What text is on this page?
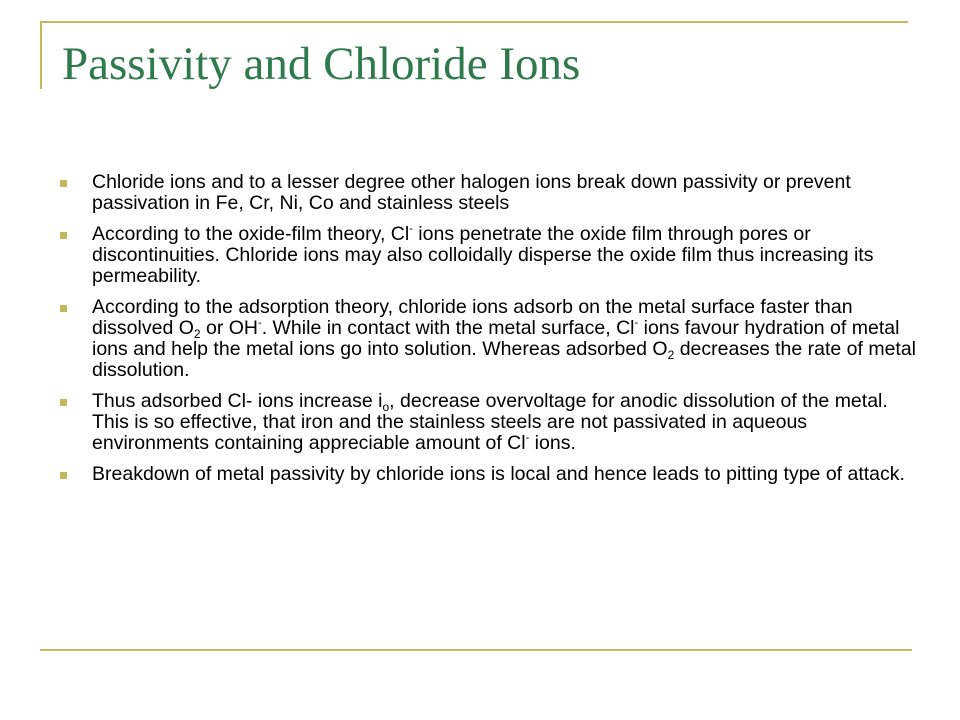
Passivity and Chloride Ions
Chloride ions and to a lesser degree other halogen ions break down passivity or prevent passivation in Fe, Cr, Ni, Co and stainless steels
According to the oxide-film theory, Cl- ions penetrate the oxide film through pores or discontinuities. Chloride ions may also colloidally disperse the oxide film thus increasing its permeability.
According to the adsorption theory, chloride ions adsorb on the metal surface faster than dissolved $O_2$ or OH-. While in contact with the metal surface, Cl- ions favour hydration of metal ions and help the metal ions go into solution. Whereas adsorbed $O_2$ decreases the rate of metal dissolution.
Thus adsorbed Cl- ions increase $i_o$, decrease overvoltage for anodic dissolution of the metal. This is so effective, that iron and the stainless steels are not passivated in aqueous environments containing appreciable amount of Cl- ions.
Breakdown of metal passivity by chloride ions is local and hence leads to pitting type of attack.
